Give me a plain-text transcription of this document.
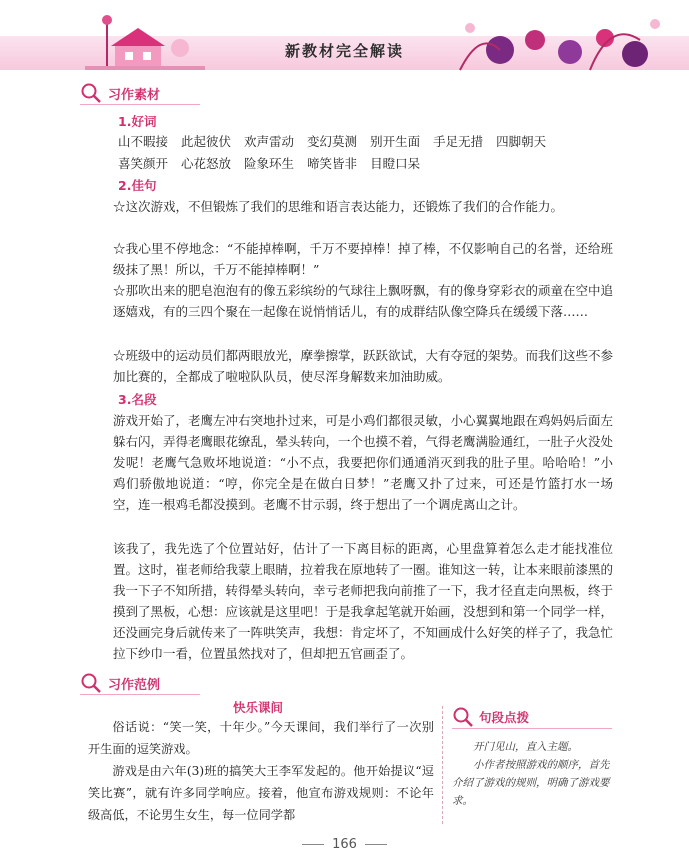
新教材完全解读
习作素材
1.好词
山不暇接 此起彼伏 欢声雷动 变幻莫测 别开生面 手足无措 四脚朝天
喜笑颜开 心花怒放 险象环生 啼笑皆非 目瞪口呆
2.佳句
☆这次游戏，不但锻炼了我们的思维和语言表达能力，还锻炼了我们的合作能力。
☆我心里不停地念：“不能掉棒啊，千万不要掉棒！掉了棒，不仅影响自己的名誉，还给班级抹了黑！所以，千万不能掉棒啊！”
☆那吹出来的肥皂泡泡有的像五彩缤纷的气球往上飘呀飘，有的像身穿彩衣的顽童在空中追逐嬉戏，有的三四个聚在一起像在说悄悄话儿，有的成群结队像空降兵在缓缓下落……
☆班级中的运动员们都两眼放光，摩拳擦掌，跃跃欲试，大有夺冠的架势。而我们这些不参加比赛的，全都成了啦啦队队员，使尽浑身解数来加油助威。
3.名段
游戏开始了，老鹰左冲右突地扑过来，可是小鸡们都很灵敏，小心翼翼地跟在鸡妈妈后面左躲右闪，弄得老鹰眼花缭乱，晕头转向，一个也摸不着，气得老鹰满脸通红，一肚子火没处发呢！老鹰气急败坏地说道：“小不点，我要把你们通通消灭到我的肚子里。哈哈哈！”小鸡们骄傲地说道：“哼，你完全是在做白日梦！”老鹰又扑了过来，可还是竹篮打水一场空，连一根鸡毛都没摸到。老鹰不甘示弱，终于想出了一个调虎离山之计。
该我了，我先选了个位置站好，估计了一下离目标的距离，心里盘算着怎么走才能找准位置。这时，崔老师给我蒙上眼睛，拉着我在原地转了一圈。谁知这一转，让本来眼前漆黑的我一下子不知所措，转得晕头转向，幸亏老师把我向前推了一下，我才径直走向黑板，终于摸到了黑板，心想：应该就是这里吧！于是我拿起笔就开始画，没想到和第一个同学一样，还没画完身后就传来了一阵哄笑声，我想：肯定坏了，不知画成什么好笑的样子了，我急忙拉下纱巾一看，位置虽然找对了，但却把五官画歪了。
习作范例
快乐课间

俗话说：“笑一笑，十年少。”今天课间，我们举行了一次别开生面的逗笑游戏。

游戏是由六年(3)班的搞笑大王李军发起的。他开始提议“逗笑比赛”，就有许多同学响应。接着，他宣布游戏规则：不论年级高低，不论男生女生，每一位同学都

句段点拨

开门见山，直入主题。

小作者按照游戏的顺序，首先介绍了游戏的规则，明确了游戏要求。

166
